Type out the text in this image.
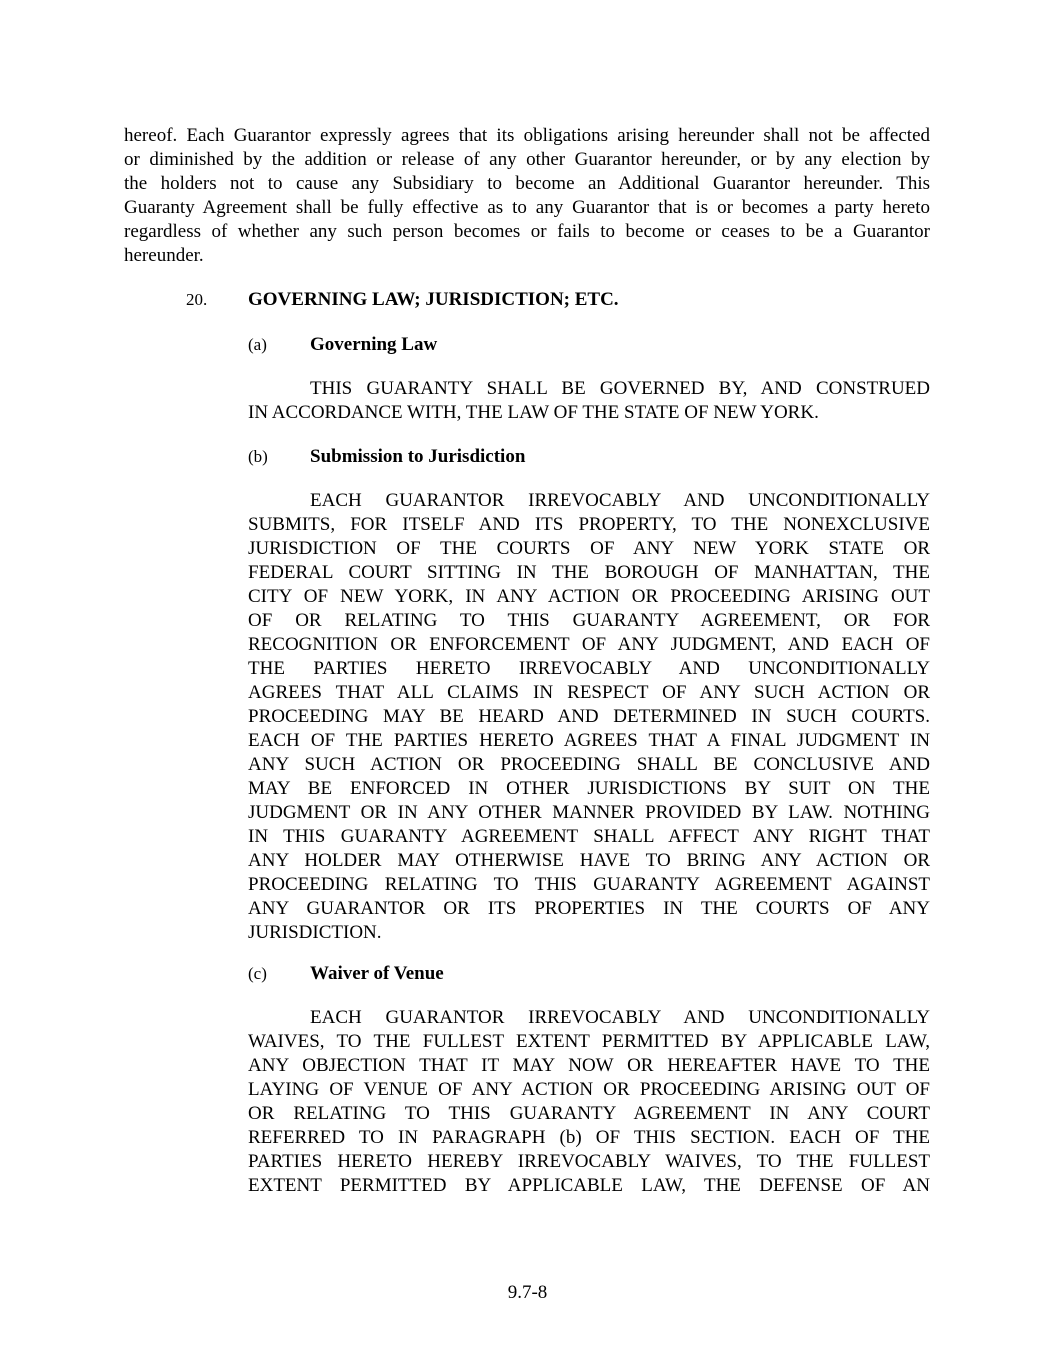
hereof. Each Guarantor expressly agrees that its obligations arising hereunder shall not be affected
or diminished by the addition or release of any other Guarantor hereunder, or by any election by
the holders not to cause any Subsidiary to become an Additional Guarantor hereunder. This
Guaranty Agreement shall be fully effective as to any Guarantor that is or becomes a party hereto
regardless of whether any such person becomes or fails to become or ceases to be a Guarantor
hereunder.
20. GOVERNING LAW; JURISDICTION; ETC.
(a) Governing Law
THIS GUARANTY SHALL BE GOVERNED BY, AND CONSTRUED
IN ACCORDANCE WITH, THE LAW OF THE STATE OF NEW YORK.
(b) Submission to Jurisdiction
EACH GUARANTOR IRREVOCABLY AND UNCONDITIONALLY
SUBMITS, FOR ITSELF AND ITS PROPERTY, TO THE NONEXCLUSIVE
JURISDICTION OF THE COURTS OF ANY NEW YORK STATE OR
FEDERAL COURT SITTING IN THE BOROUGH OF MANHATTAN, THE
CITY OF NEW YORK, IN ANY ACTION OR PROCEEDING ARISING OUT
OF OR RELATING TO THIS GUARANTY AGREEMENT, OR FOR
RECOGNITION OR ENFORCEMENT OF ANY JUDGMENT, AND EACH OF
THE PARTIES HERETO IRREVOCABLY AND UNCONDITIONALLY
AGREES THAT ALL CLAIMS IN RESPECT OF ANY SUCH ACTION OR
PROCEEDING MAY BE HEARD AND DETERMINED IN SUCH COURTS.
EACH OF THE PARTIES HERETO AGREES THAT A FINAL JUDGMENT IN
ANY SUCH ACTION OR PROCEEDING SHALL BE CONCLUSIVE AND
MAY BE ENFORCED IN OTHER JURISDICTIONS BY SUIT ON THE
JUDGMENT OR IN ANY OTHER MANNER PROVIDED BY LAW. NOTHING
IN THIS GUARANTY AGREEMENT SHALL AFFECT ANY RIGHT THAT
ANY HOLDER MAY OTHERWISE HAVE TO BRING ANY ACTION OR
PROCEEDING RELATING TO THIS GUARANTY AGREEMENT AGAINST
ANY GUARANTOR OR ITS PROPERTIES IN THE COURTS OF ANY
JURISDICTION.
(c) Waiver of Venue
EACH GUARANTOR IRREVOCABLY AND UNCONDITIONALLY
WAIVES, TO THE FULLEST EXTENT PERMITTED BY APPLICABLE LAW,
ANY OBJECTION THAT IT MAY NOW OR HEREAFTER HAVE TO THE
LAYING OF VENUE OF ANY ACTION OR PROCEEDING ARISING OUT OF
OR RELATING TO THIS GUARANTY AGREEMENT IN ANY COURT
REFERRED TO IN PARAGRAPH (b) OF THIS SECTION. EACH OF THE
PARTIES HERETO HEREBY IRREVOCABLY WAIVES, TO THE FULLEST
EXTENT PERMITTED BY APPLICABLE LAW, THE DEFENSE OF AN
9.7-8
